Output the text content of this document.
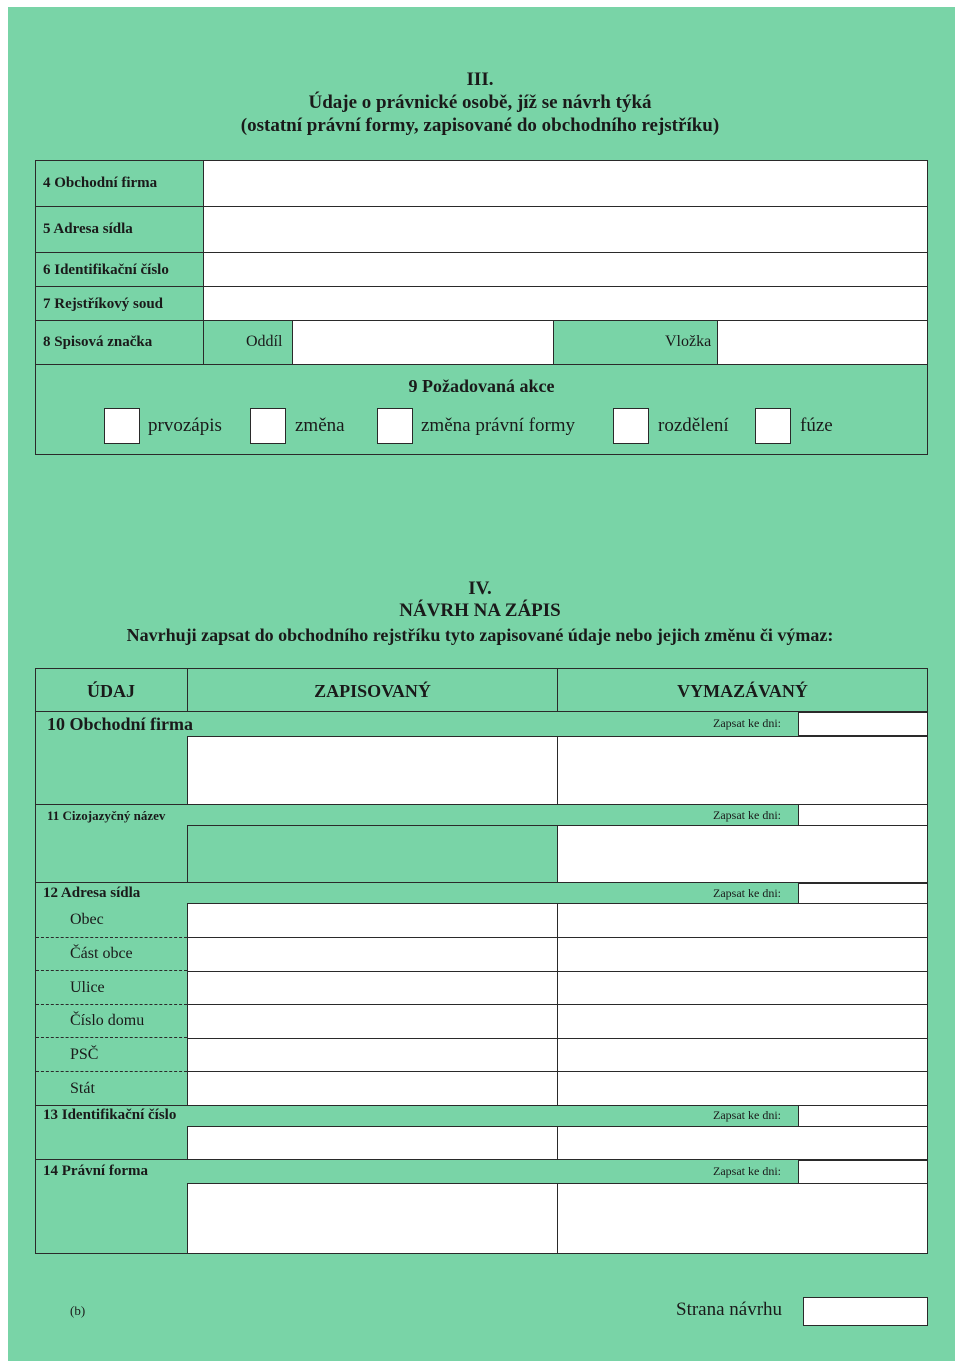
III.
Údaje o právnické osobě, jíž se návrh týká
(ostatní právní formy, zapisované do obchodního rejstříku)
4 Obchodní firma
5 Adresa sídla
6 Identifikační číslo
7 Rejstříkový soud
8 Spisová značka	Oddíl	Vložka
9 Požadovaná akce
prvozápis	změna	změna právní formy	rozdělení	fúze
IV.
NÁVRH NA ZÁPIS
Navrhuji zapsat do obchodního rejstříku tyto zapisované údaje nebo jejich změnu či výmaz:
ÚDAJ	ZAPISOVANÝ	VYMAZÁVANÝ
10 Obchodní firma	Zapsat ke dni:
11 Cizojazyčný název	Zapsat ke dni:
12 Adresa sídla	Zapsat ke dni:
Obec
Část obce
Ulice
Číslo domu
PSČ
Stát
13 Identifikační číslo	Zapsat ke dni:
14 Právní forma	Zapsat ke dni:
(b)	Strana návrhu
